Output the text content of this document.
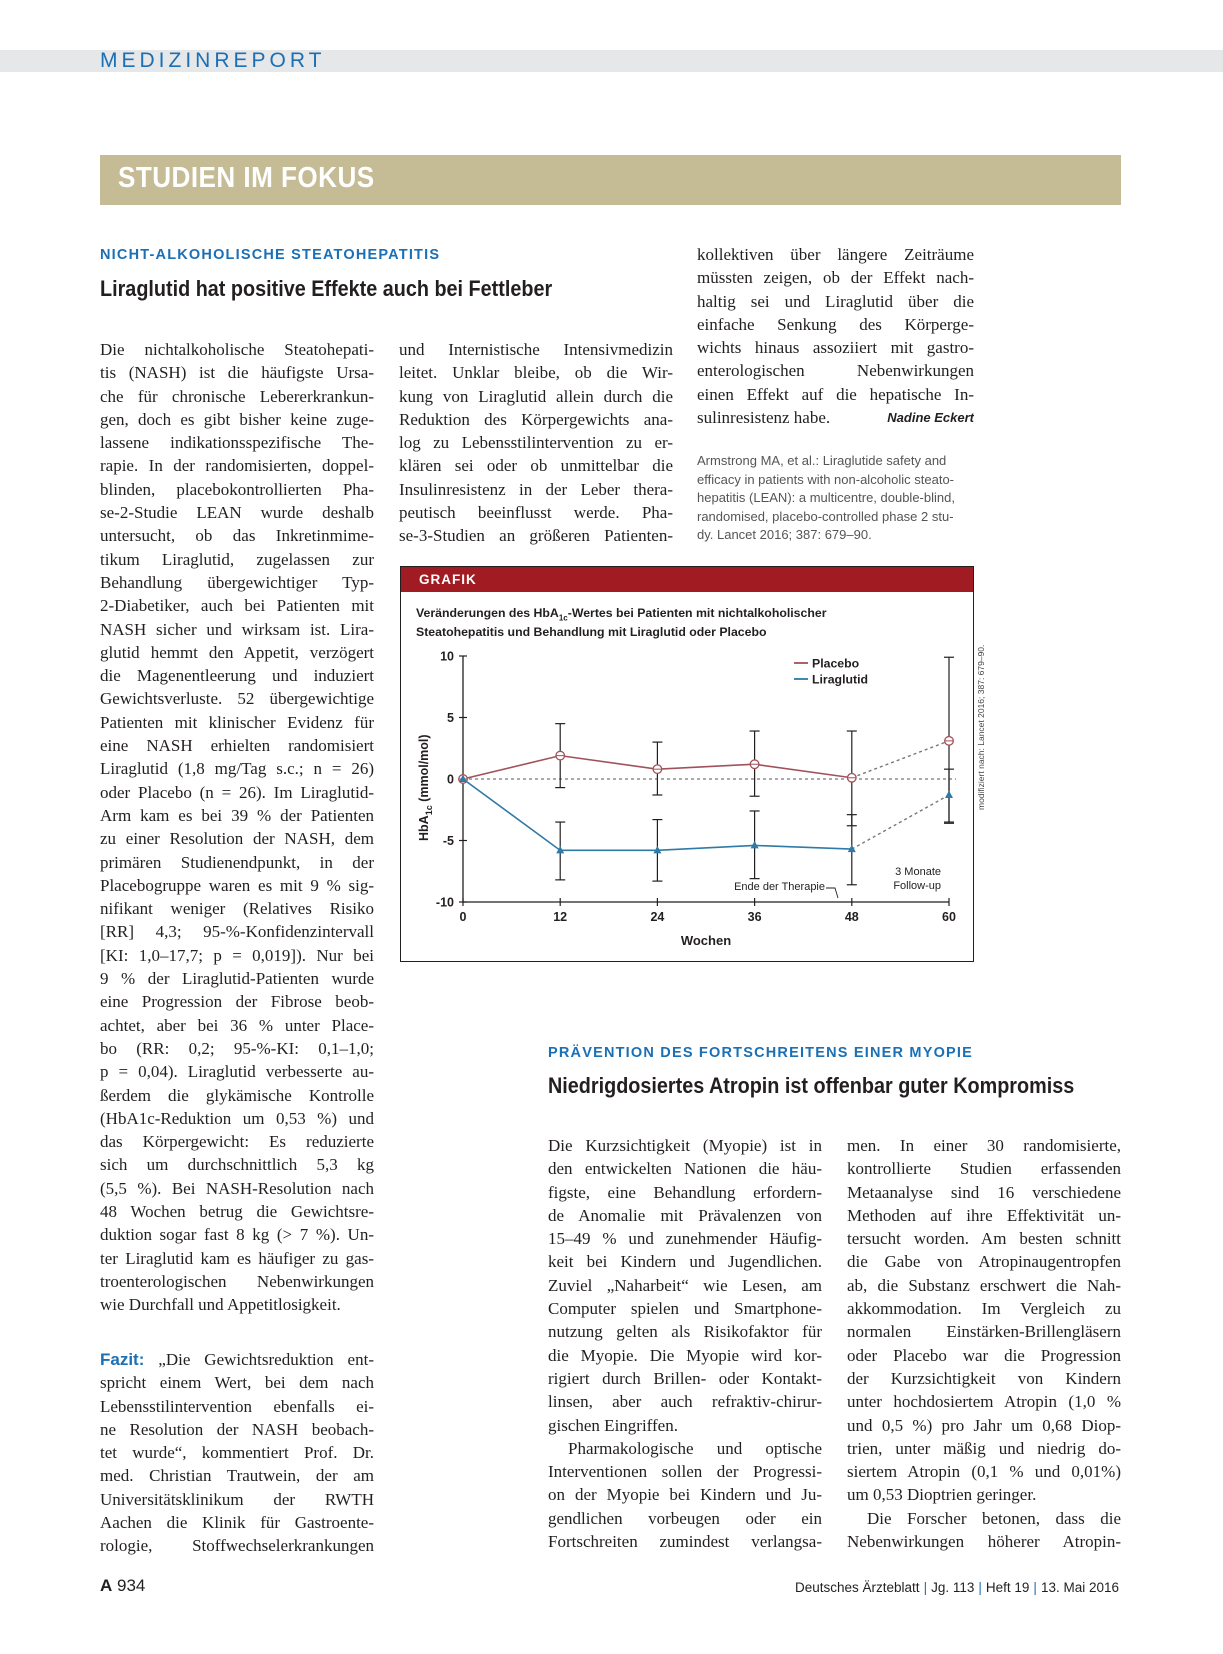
MEDIZINREPORT
STUDIEN IM FOKUS
NICHT-ALKOHOLISCHE STEATOHEPATITIS
Liraglutid hat positive Effekte auch bei Fettleber
Die nichtalkoholische Steatohepati-
tis (NASH) ist die häufigste Ursa-
che für chronische Lebererkrankun-
gen, doch es gibt bisher keine zuge-
lassene indikationsspezifische The-
rapie. In der randomisierten, doppel-
blinden, placebokontrollierten Pha-
se-2-Studie LEAN wurde deshalb
untersucht, ob das Inkretinmime-
tikum Liraglutid, zugelassen zur
Behandlung übergewichtiger Typ-
2-Diabetiker, auch bei Patienten mit
NASH sicher und wirksam ist. Lira-
glutid hemmt den Appetit, verzögert
die Magenentleerung und induziert
Gewichtsverluste. 52 übergewichtige
Patienten mit klinischer Evidenz für
eine NASH erhielten randomisiert
Liraglutid (1,8 mg/Tag s.c.; n = 26)
oder Placebo (n = 26). Im Liraglutid-
Arm kam es bei 39 % der Patienten
zu einer Resolution der NASH, dem
primären Studienendpunkt, in der
Placebogruppe waren es mit 9 % sig-
nifikant weniger (Relatives Risiko
[RR] 4,3; 95-%-Konfidenzintervall
[KI: 1,0–17,7; p = 0,019]). Nur bei
9 % der Liraglutid-Patienten wurde
eine Progression der Fibrose beob-
achtet, aber bei 36 % unter Place-
bo (RR: 0,2; 95-%-KI: 0,1–1,0;
p = 0,04). Liraglutid verbesserte au-
ßerdem die glykämische Kontrolle
(HbA1c-Reduktion um 0,53 %) und
das Körpergewicht: Es reduzierte
sich um durchschnittlich 5,3 kg
(5,5 %). Bei NASH-Resolution nach
48 Wochen betrug die Gewichtsre-
duktion sogar fast 8 kg (> 7 %). Un-
ter Liraglutid kam es häufiger zu gas-
troenterologischen Nebenwirkungen
wie Durchfall und Appetitlosigkeit.
Fazit: „Die Gewichtsreduktion ent-
spricht einem Wert, bei dem nach
Lebensstilintervention ebenfalls ei-
ne Resolution der NASH beobach-
tet wurde“, kommentiert Prof. Dr.
med. Christian Trautwein, der am
Universitätsklinikum der RWTH
Aachen die Klinik für Gastroente-
rologie, Stoffwechselerkrankungen
und Internistische Intensivmedizin
leitet. Unklar bleibe, ob die Wir-
kung von Liraglutid allein durch die
Reduktion des Körpergewichts ana-
log zu Lebensstilintervention zu er-
klären sei oder ob unmittelbar die
Insulinresistenz in der Leber thera-
peutisch beeinflusst werde. Pha-
se-3-Studien an größeren Patienten-
kollektiven über längere Zeiträume
müssten zeigen, ob der Effekt nach-
haltig sei und Liraglutid über die
einfache Senkung des Körperge-
wichts hinaus assoziiert mit gastro-
enterologischen Nebenwirkungen
einen Effekt auf die hepatische In-
sulinresistenz habe.	Nadine Eckert
Armstrong MA, et al.: Liraglutide safety and
efficacy in patients with non-alcoholic steato-
hepatitis (LEAN): a multicentre, double-blind,
randomised, placebo-controlled phase 2 stu-
dy. Lancet 2016; 387: 679–90.
GRAFIK
Veränderungen des HbA$_{1c}$-Wertes bei Patienten mit nichtalkoholischer
Steatohepatitis und Behandlung mit Liraglutid oder Placebo
10
5
0
-5
-10
0	12	24	36	48	60
Wochen
HbA$_{1c}$ (mmol/mol)
Placebo
Liraglutid
Ende der Therapie
3 Monate
Follow-up
modifiziert nach: Lancet 2016; 387: 679–90.
PRÄVENTION DES FORTSCHREITENS EINER MYOPIE
Niedrigdosiertes Atropin ist offenbar guter Kompromiss
Die Kurzsichtigkeit (Myopie) ist in
den entwickelten Nationen die häu-
figste, eine Behandlung erfordern-
de Anomalie mit Prävalenzen von
15–49 % und zunehmender Häufig-
keit bei Kindern und Jugendlichen.
Zuviel „Naharbeit“ wie Lesen, am
Computer spielen und Smartphone-
nutzung gelten als Risikofaktor für
die Myopie. Die Myopie wird kor-
rigiert durch Brillen- oder Kontakt-
linsen, aber auch refraktiv-chirur-
gischen Eingriffen.
Pharmakologische und optische
Interventionen sollen der Progressi-
on der Myopie bei Kindern und Ju-
gendlichen vorbeugen oder ein
Fortschreiten zumindest verlangsa-
men. In einer 30 randomisierte,
kontrollierte Studien erfassenden
Metaanalyse sind 16 verschiedene
Methoden auf ihre Effektivität un-
tersucht worden. Am besten schnitt
die Gabe von Atropinaugentropfen
ab, die Substanz erschwert die Nah-
akkommodation. Im Vergleich zu
normalen Einstärken-Brillengläsern
oder Placebo war die Progression
der Kurzsichtigkeit von Kindern
unter hochdosiertem Atropin (1,0 %
und 0,5 %) pro Jahr um 0,68 Diop-
trien, unter mäßig und niedrig do-
siertem Atropin (0,1 % und 0,01%)
um 0,53 Dioptrien geringer.
Die Forscher betonen, dass die
Nebenwirkungen höherer Atropin-
A 934	Deutsches Ärzteblatt | Jg. 113 | Heft 19 | 13. Mai 2016
